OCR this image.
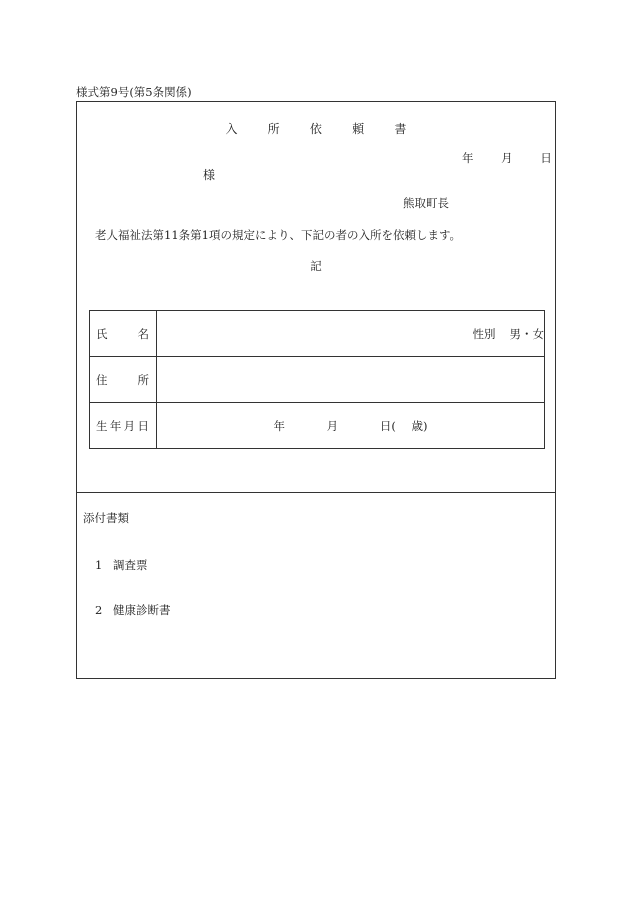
様式第9号(第5条関係)
入	所	依	頼	書
年 月 日
様
熊取町長
老人福祉法第11条第1項の規定により、下記の者の入所を依頼します。
記
氏 名	性別 男・女

住 所	

生 年 月 日	年 月 日( 歳)
添付書類
1 調査票
2 健康診断書
